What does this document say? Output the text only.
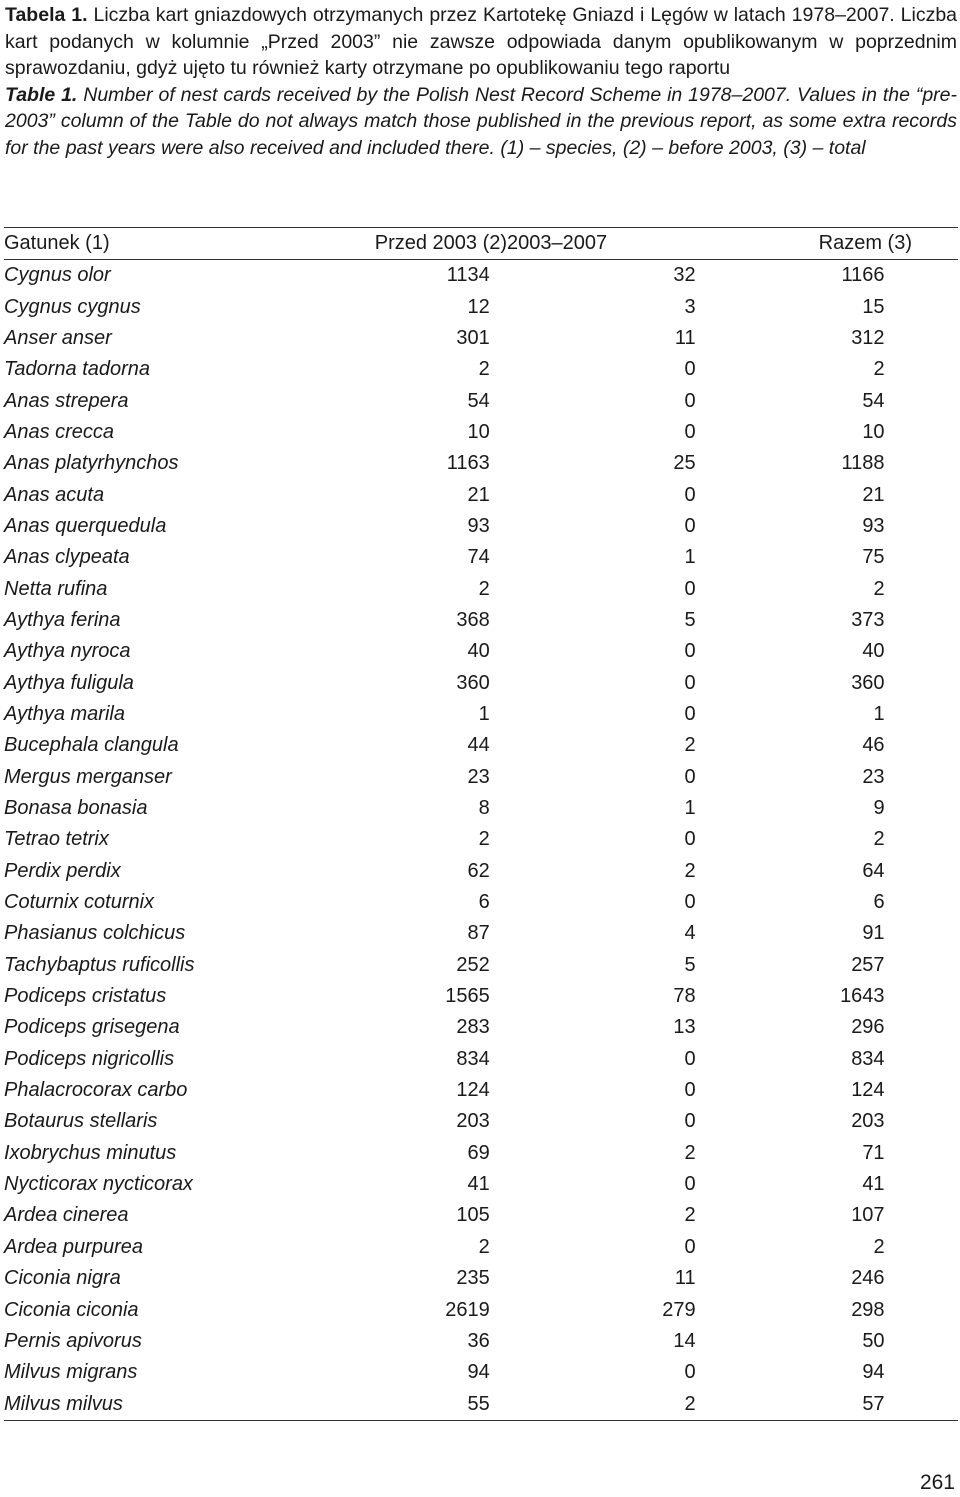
Tabela 1. Liczba kart gniazdowych otrzymanych przez Kartotekę Gniazd i Lęgów w latach 1978–2007. Liczba kart podanych w kolumnie „Przed 2003” nie zawsze odpowiada danym opublikowanym w poprzednim sprawozdaniu, gdyż ujęto tu również karty otrzymane po opublikowaniu tego raportu

Table 1. Number of nest cards received by the Polish Nest Record Scheme in 1978–2007. Values in the “pre-2003” column of the Table do not always match those published in the previous report, as some extra records for the past years were also received and included there. (1) – species, (2) – before 2003, (3) – total

Gatunek (1)	Przed 2003 (2)		2003–2007	Razem (3)	
Cygnus olor	1134		32	1166	
Cygnus cygnus	12		3	15	
Anser anser	301		11	312	
Tadorna tadorna	2		0	2	
Anas strepera	54		0	54	
Anas crecca	10		0	10	
Anas platyrhynchos	1163		25	1188	
Anas acuta	21		0	21	
Anas querquedula	93		0	93	
Anas clypeata	74		1	75	
Netta rufina	2		0	2	
Aythya ferina	368		5	373	
Aythya nyroca	40		0	40	
Aythya fuligula	360		0	360	
Aythya marila	1		0	1	
Bucephala clangula	44		2	46	
Mergus merganser	23		0	23	
Bonasa bonasia	8		1	9	
Tetrao tetrix	2		0	2	
Perdix perdix	62		2	64	
Coturnix coturnix	6		0	6	
Phasianus colchicus	87		4	91	
Tachybaptus ruficollis	252		5	257	
Podiceps cristatus	1565		78	1643	
Podiceps grisegena	283		13	296	
Podiceps nigricollis	834		0	834	
Phalacrocorax carbo	124		0	124	
Botaurus stellaris	203		0	203	
Ixobrychus minutus	69		2	71	
Nycticorax nycticorax	41		0	41	
Ardea cinerea	105		2	107	
Ardea purpurea	2		0	2	
Ciconia nigra	235		11	246	
Ciconia ciconia	2619		279	298	
Pernis apivorus	36		14	50	
Milvus migrans	94		0	94	
Milvus milvus	55		2	57	
261
